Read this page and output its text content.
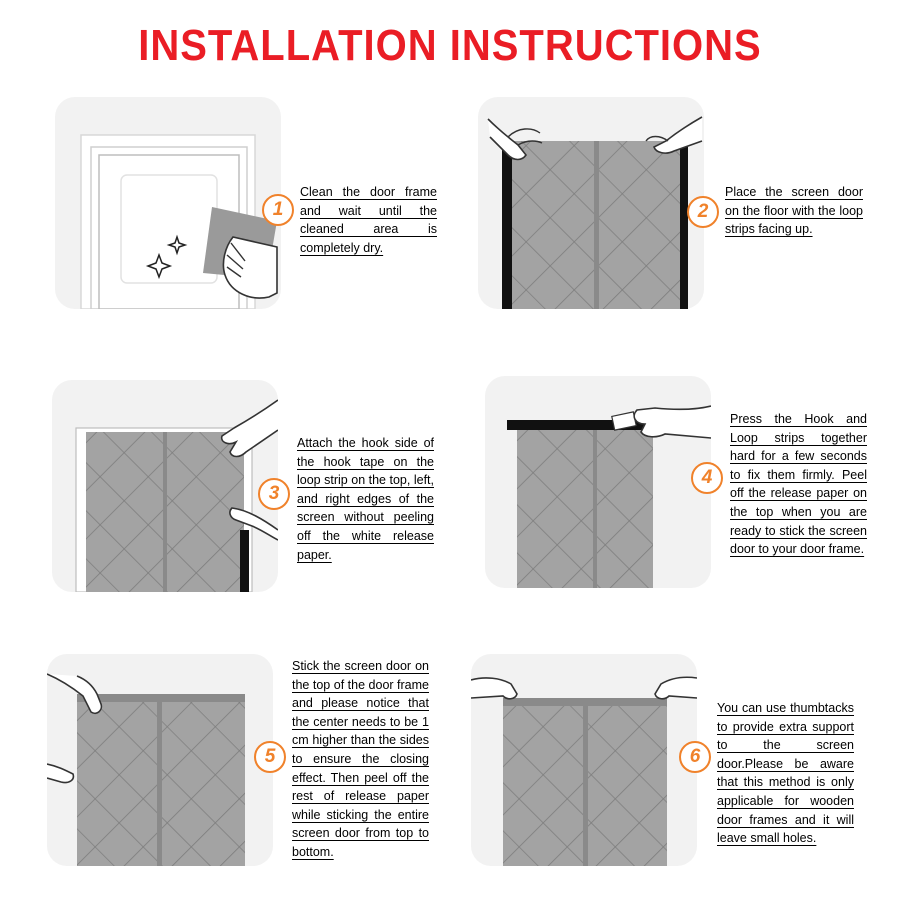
INSTALLATION INSTRUCTIONS
1
Clean the door frame and wait until the cleaned area is completely dry.
2
Place the screen door on the floor with the loop strips facing up.
3
Attach the hook side of the hook tape on the loop strip on the top, left, and right edges of the screen without peeling off the white release paper.
4
Press the Hook and Loop strips together hard for a few seconds to fix them firmly. Peel off the release paper on the top when you are ready to stick the screen door to your door frame.
5
Stick the screen door on the top of the door frame and please notice that the center needs to be 1 cm higher than the sides to ensure the closing effect. Then peel off the rest of release paper while sticking the entire screen door from top to bottom.
6
You can use thumbtacks to provide extra support to the screen door.Please be aware that this method is only applicable for wooden door frames and it will leave small holes.
